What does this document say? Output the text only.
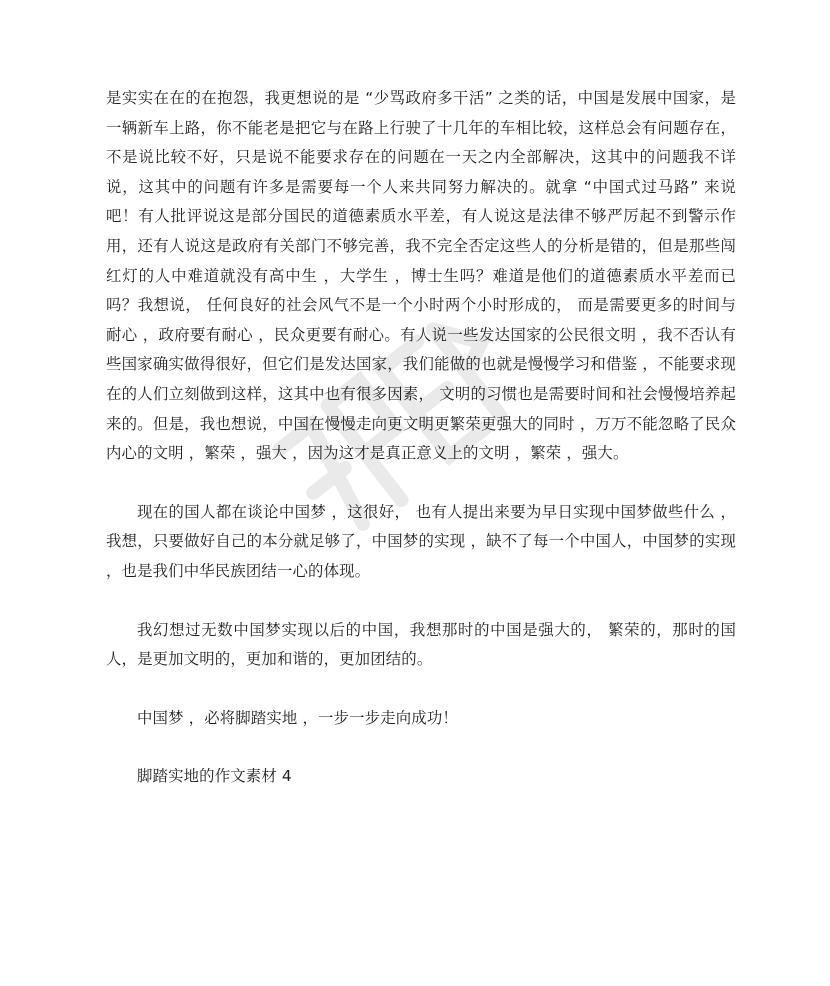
是实实在在的在抱怨，我更想说的是 “少骂政府多干活” 之类的话，中国是发展中国家，是一辆新车上路，你不能老是把它与在路上行驶了十几年的车相比较，这样总会有问题存在，不是说比较不好，只是说不能要求存在的问题在一天之内全部解决，这其中的问题我不详说，这其中的问题有许多是需要每一个人来共同努力解决的。就拿 “中国式过马路” 来说吧！有人批评说这是部分国民的道德素质水平差，有人说这是法律不够严厉起不到警示作用，还有人说这是政府有关部门不够完善，我不完全否定这些人的分析是错的，但是那些闯红灯的人中难道就没有高中生 ，大学生 ，博士生吗？难道是他们的道德素质水平差而已吗？我想说， 任何良好的社会风气不是一个小时两个小时形成的， 而是需要更多的时间与耐心 ，政府要有耐心 ，民众更要有耐心。有人说一些发达国家的公民很文明 ，我不否认有些国家确实做得很好，但它们是发达国家，我们能做的也就是慢慢学习和借鉴 ，不能要求现在的人们立刻做到这样，这其中也有很多因素， 文明的习惯也是需要时间和社会慢慢培养起来的。但是，我也想说，中国在慢慢走向更文明更繁荣更强大的同时 ，万万不能忽略了民众内心的文明 ，繁荣 ，强大 ，因为这才是真正意义上的文明 ，繁荣 ，强大。

现在的国人都在谈论中国梦 ，这很好， 也有人提出来要为早日实现中国梦做些什么 ，我想，只要做好自己的本分就足够了，中国梦的实现 ，缺不了每一个中国人，中国梦的实现 ，也是我们中华民族团结一心的体现。

我幻想过无数中国梦实现以后的中国，我想那时的中国是强大的， 繁荣的，那时的国人，是更加文明的，更加和谐的，更加团结的。

中国梦 ，必将脚踏实地 ，一步一步走向成功！

脚踏实地的作文素材 4
